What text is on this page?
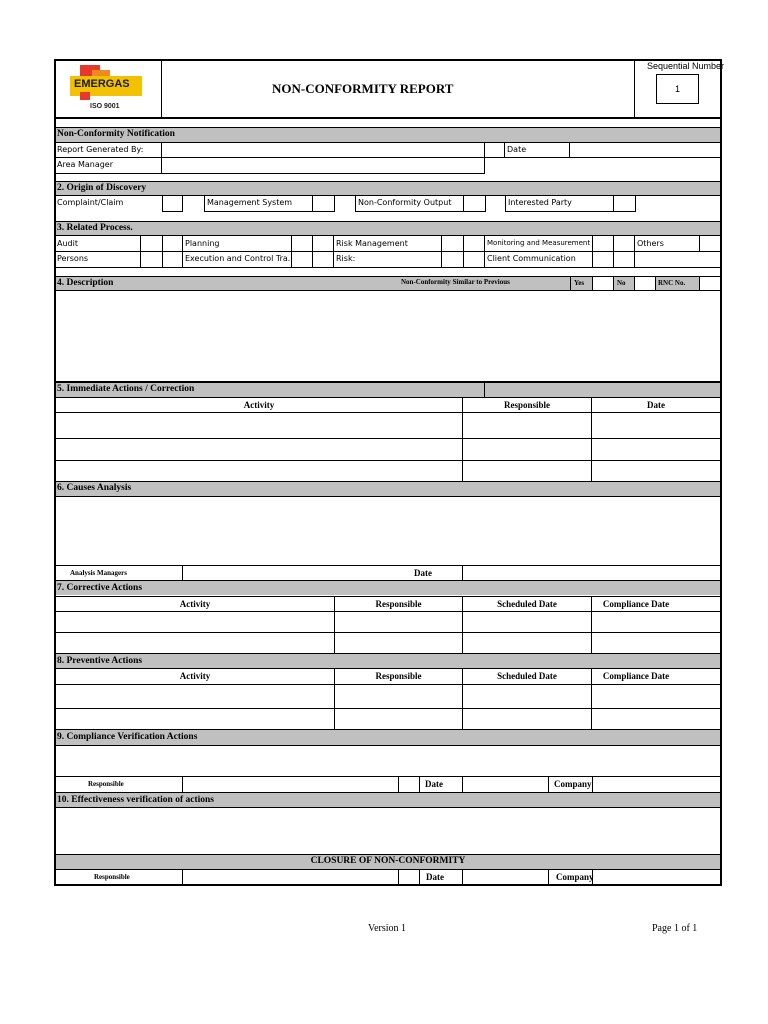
EMERGAS
ISO 9001
NON-CONFORMITY REPORT
Sequential Number
1
Non-Conformity Notification
Report Generated By:	Date
Area Manager
2. Origin of Discovery
Complaint/Claim	Management System	Non-Conformity Output	Interested Party
3. Related Process.
Audit	Planning	Risk Management	Monitoring and Measurement	Others
Persons	Execution and Control Tra.	Risk:	Client Communication
4. Description	Non-Conformity Similar to Previous	Yes	No	RNC No.
5. Immediate Actions / Correction
Activity	Responsible	Date
6. Causes Analysis
Analysis Managers	Date
7. Corrective Actions
Activity	Responsible	Scheduled Date	Compliance Date
8. Preventive Actions
Activity	Responsible	Scheduled Date	Compliance Date
9. Compliance Verification Actions
Responsible	Date	Company
10. Effectiveness verification of actions
CLOSURE OF NON-CONFORMITY
Responsible	Date	Company
Version 1	Page 1 of 1
